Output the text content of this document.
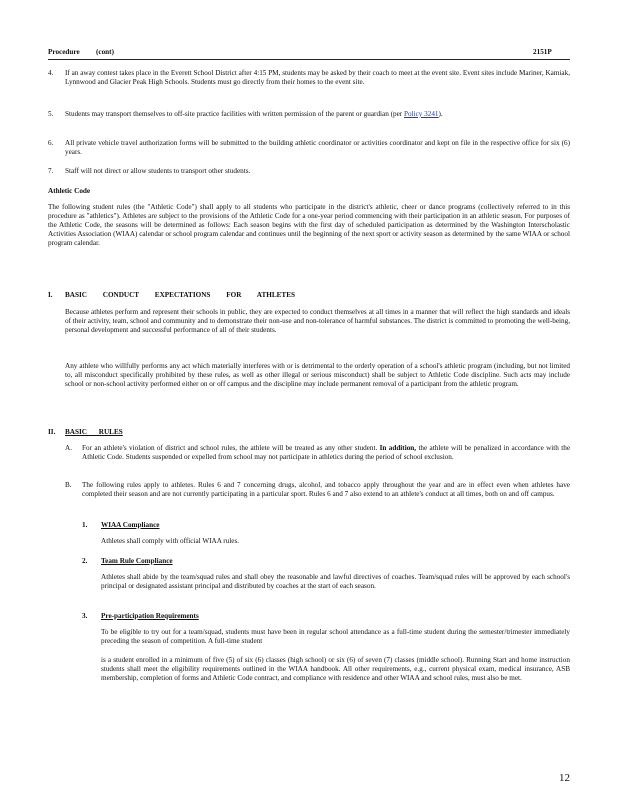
Procedure (cont)	2151P
4. If an away contest takes place in the Everett School District after 4:15 PM, students may be asked by their coach to meet at the event site. Event sites include Mariner, Kamiak, Lynnwood and Glacier Peak High Schools. Students must go directly from their homes to the event site.

5. Students may transport themselves to off-site practice facilities with written permission of the parent or guardian (per Policy 3241).

6. All private vehicle travel authorization forms will be submitted to the building athletic coordinator or activities coordinator and kept on file in the respective office for six (6) years.

7. Staff will not direct or allow students to transport other students.

Athletic Code

The following student rules (the "Athletic Code") shall apply to all students who participate in the district's athletic, cheer or dance programs (collectively referred to in this procedure as "athletics"). Athletes are subject to the provisions of the Athletic Code for a one-year period commencing with their participation in an athletic season. For purposes of the Athletic Code, the seasons will be determined as follows: Each season begins with the first day of scheduled participation as determined by the Washington Interscholastic Activities Association (WIAA) calendar or school program calendar and continues until the beginning of the next sport or activity season as determined by the same WIAA or school program calendar.

I. BASIC CONDUCT EXPECTATIONS FOR ATHLETES

Because athletes perform and represent their schools in public, they are expected to conduct themselves at all times in a manner that will reflect the high standards and ideals of their activity, team, school and community and to demonstrate their non-use and non-tolerance of harmful substances. The district is committed to promoting the well-being, personal development and successful performance of all of their students.

Any athlete who willfully performs any act which materially interferes with or is detrimental to the orderly operation of a school's athletic program (including, but not limited to, all misconduct specifically prohibited by these rules, as well as other illegal or serious misconduct) shall be subject to Athletic Code discipline. Such acts may include school or non-school activity performed either on or off campus and the discipline may include permanent removal of a participant from the athletic program.

II. BASIC RULES
A. For an athlete's violation of district and school rules, the athlete will be treated as any other student. In addition, the athlete will be penalized in accordance with the Athletic Code. Students suspended or expelled from school may not participate in athletics during the period of school exclusion.

B. The following rules apply to athletes. Rules 6 and 7 concerning drugs, alcohol, and tobacco apply throughout the year and are in effect even when athletes have completed their season and are not currently participating in a particular sport. Rules 6 and 7 also extend to an athlete's conduct at all times, both on and off campus.

1. WIAA Compliance

Athletes shall comply with official WIAA rules.

2. Team Rule Compliance

Athletes shall abide by the team/squad rules and shall obey the reasonable and lawful directives of coaches. Team/squad rules will be approved by each school's principal or designated assistant principal and distributed by coaches at the start of each season.

3. Pre-participation Requirements

To be eligible to try out for a team/squad, students must have been in regular school attendance as a full-time student during the semester/trimester immediately preceding the season of competition. A full-time student

is a student enrolled in a minimum of five (5) of six (6) classes (high school) or six (6) of seven (7) classes (middle school). Running Start and home instruction students shall meet the eligibility requirements outlined in the WIAA handbook. All other requirements, e.g., current physical exam, medical insurance, ASB membership, completion of forms and Athletic Code contract, and compliance with residence and other WIAA and school rules, must also be met.

12
